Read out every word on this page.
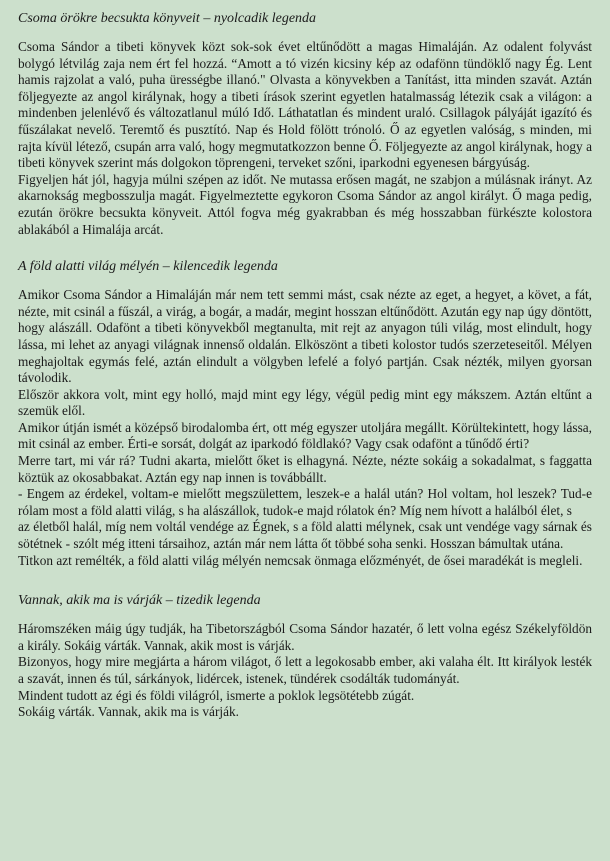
Csoma örökre becsukta könyveit – nyolcadik legenda

Csoma Sándor a tibeti könyvek közt sok-sok évet eltűnődött a magas Himaláján. Az odalent folyvást bolygó létvilág zaja nem ért fel hozzá. “Amott a tó vizén kicsiny kép az odafönn tündöklő nagy Ég. Lent hamis rajzolat a való, puha ürességbe illanó." Olvasta a könyvekben a Tanítást, itta minden szavát. Aztán följegyezte az angol királynak, hogy a tibeti írások szerint egyetlen hatalmasság létezik csak a világon: a mindenben jelenlévő és változatlanul múló Idő. Láthatatlan és mindent uraló. Csillagok pályáját igazító és fűszálakat nevelő. Teremtő és pusztító. Nap és Hold fölött trónoló. Ő az egyetlen valóság, s minden, mi rajta kívül létező, csupán arra való, hogy megmutatkozzon benne Ő. Följegyezte az angol királynak, hogy a tibeti könyvek szerint más dolgokon töprengeni, terveket szőni, iparkodni egyenesen bárgyúság.

Figyeljen hát jól, hagyja múlni szépen az időt. Ne mutassa erősen magát, ne szabjon a múlásnak irányt. Az akarnokság megbosszulja magát. Figyelmeztette egykoron Csoma Sándor az angol királyt. Ő maga pedig, ezután örökre becsukta könyveit. Attól fogva még gyakrabban és még hosszabban fürkészte kolostora ablakából a Himalája arcát.

A föld alatti világ mélyén – kilencedik legenda

Amikor Csoma Sándor a Himaláján már nem tett semmi mást, csak nézte az eget, a hegyet, a követ, a fát, nézte, mit csinál a fűszál, a virág, a bogár, a madár, megint hosszan eltűnődött. Azután egy nap úgy döntött, hogy alászáll. Odafönt a tibeti könyvekből megtanulta, mit rejt az anyagon túli világ, most elindult, hogy lássa, mi lehet az anyagi világnak innenső oldalán. Elköszönt a tibeti kolostor tudós szerzeteseitől. Mélyen meghajoltak egymás felé, aztán elindult a völgyben lefelé a folyó partján. Csak nézték, milyen gyorsan távolodik.

Először akkora volt, mint egy holló, majd mint egy légy, végül pedig mint egy mákszem. Aztán eltűnt a szemük elől.

Amikor útján ismét a középső birodalomba ért, ott még egyszer utoljára megállt. Körültekintett, hogy lássa, mit csinál az ember. Érti-e sorsát, dolgát az iparkodó földlakó? Vagy csak odafönt a tűnődő érti?

Merre tart, mi vár rá? Tudni akarta, mielőtt őket is elhagyná. Nézte, nézte sokáig a sokadalmat, s faggatta köztük az okosabbakat. Aztán egy nap innen is továbbállt.

- Engem az érdekel, voltam-e mielőtt megszülettem, leszek-e a halál után? Hol voltam, hol leszek? Tud-e rólam most a föld alatti világ, s ha alászállok, tudok-e majd rólatok én? Míg nem hívott a halálból élet, s

az életből halál, míg nem voltál vendége az Égnek, s a föld alatti mélynek, csak unt vendége vagy sárnak és sötétnek - szólt még itteni társaihoz, aztán már nem látta őt többé soha senki. Hosszan bámultak utána.

Titkon azt remélték, a föld alatti világ mélyén nemcsak önmaga előzményét, de ősei maradékát is megleli.

Vannak, akik ma is várják – tizedik legenda

Háromszéken máig úgy tudják, ha Tibetországból Csoma Sándor hazatér, ő lett volna egész Székelyföldön a király. Sokáig várták. Vannak, akik most is várják.

Bizonyos, hogy mire megjárta a három világot, ő lett a legokosabb ember, aki valaha élt. Itt királyok lesték a szavát, innen és túl, sárkányok, lidércek, istenek, tündérek csodálták tudományát.

Mindent tudott az égi és földi világról, ismerte a poklok legsötétebb zúgát.

Sokáig várták. Vannak, akik ma is várják.
